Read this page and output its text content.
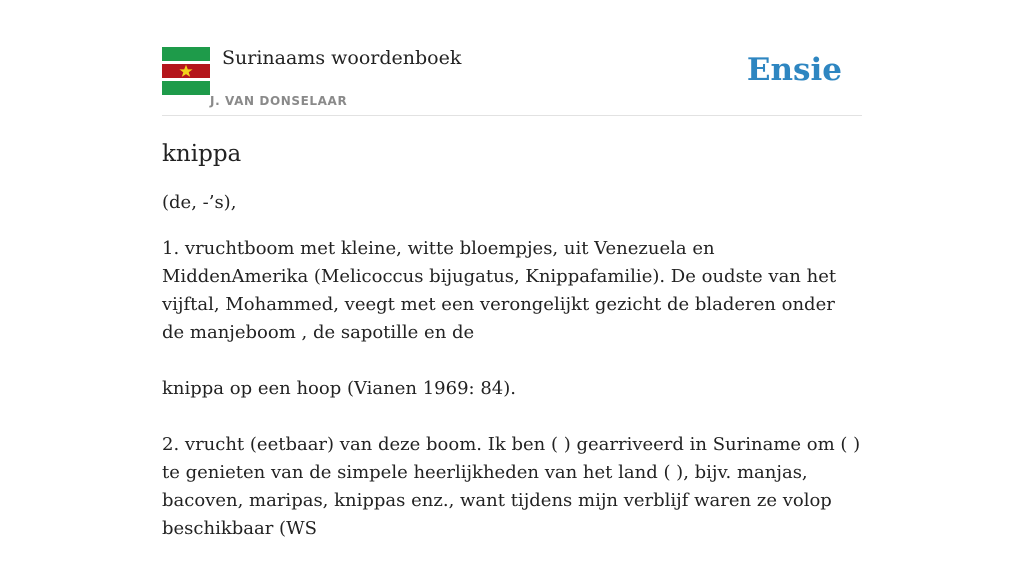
Surinaams woordenboek
J. VAN DONSELAAR
Ensie
knippa
(de, -’s),

1. vruchtboom met kleine, witte bloempjes, uit Venezuela en MiddenAmerika (Melicoccus bijugatus, Knippafamilie). De oudste van het vijftal, Mohammed, veegt met een verongelijkt gezicht de bladeren onder de manjeboom , de sapotille en de

knippa op een hoop (Vianen 1969: 84).

2. vrucht (eetbaar) van deze boom. Ik ben ( ) gearriveerd in Suriname om ( ) te genieten van de simpele heerlijkheden van het land ( ), bijv. manjas, bacoven, maripas, knippas enz., want tijdens mijn verblijf waren ze volop beschikbaar (WS
